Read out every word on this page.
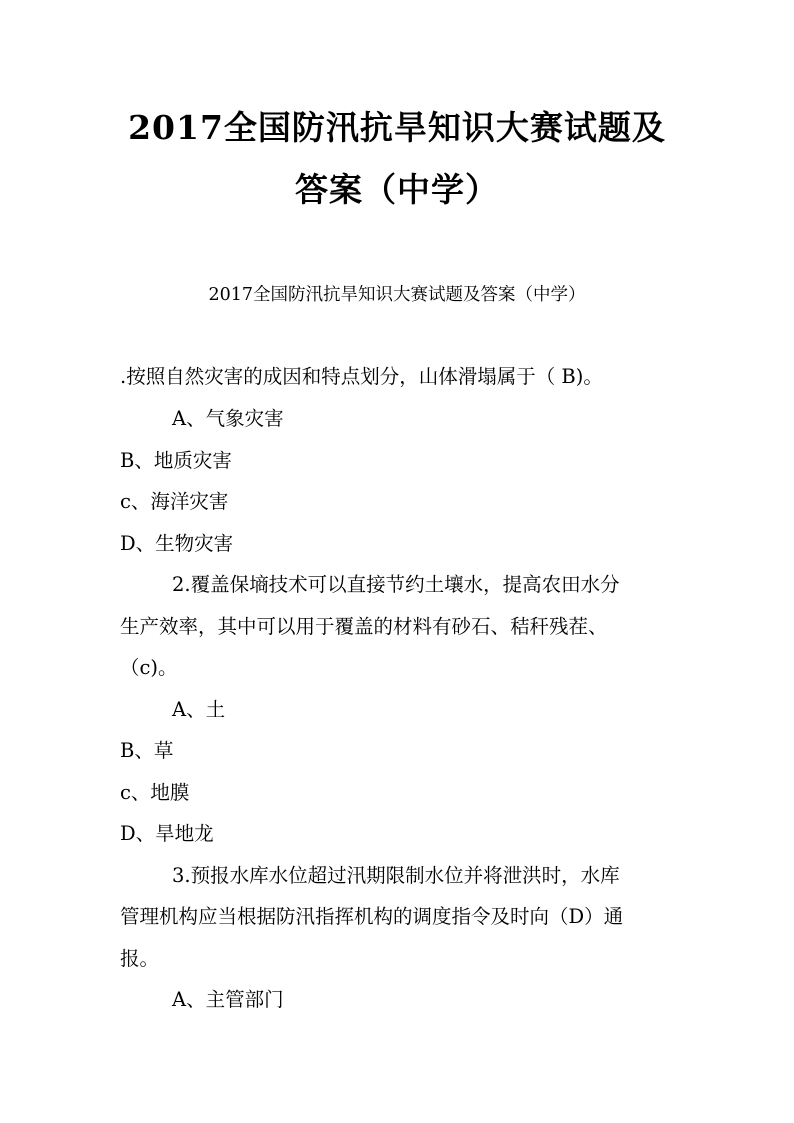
2017全国防汛抗旱知识大赛试题及
答案（中学）
2017全国防汛抗旱知识大赛试题及答案（中学）
.按照自然灾害的成因和特点划分，山体滑塌属于（ B)。
A、气象灾害
B、地质灾害
c、海洋灾害
D、生物灾害
2.覆盖保墒技术可以直接节约土壤水，提高农田水分
生产效率，其中可以用于覆盖的材料有砂石、秸秆残茬、
（c)。
A、土
B、草
c、地膜
D、旱地龙
3.预报水库水位超过汛期限制水位并将泄洪时，水库
管理机构应当根据防汛指挥机构的调度指令及时向（D）通
报。
A、主管部门
